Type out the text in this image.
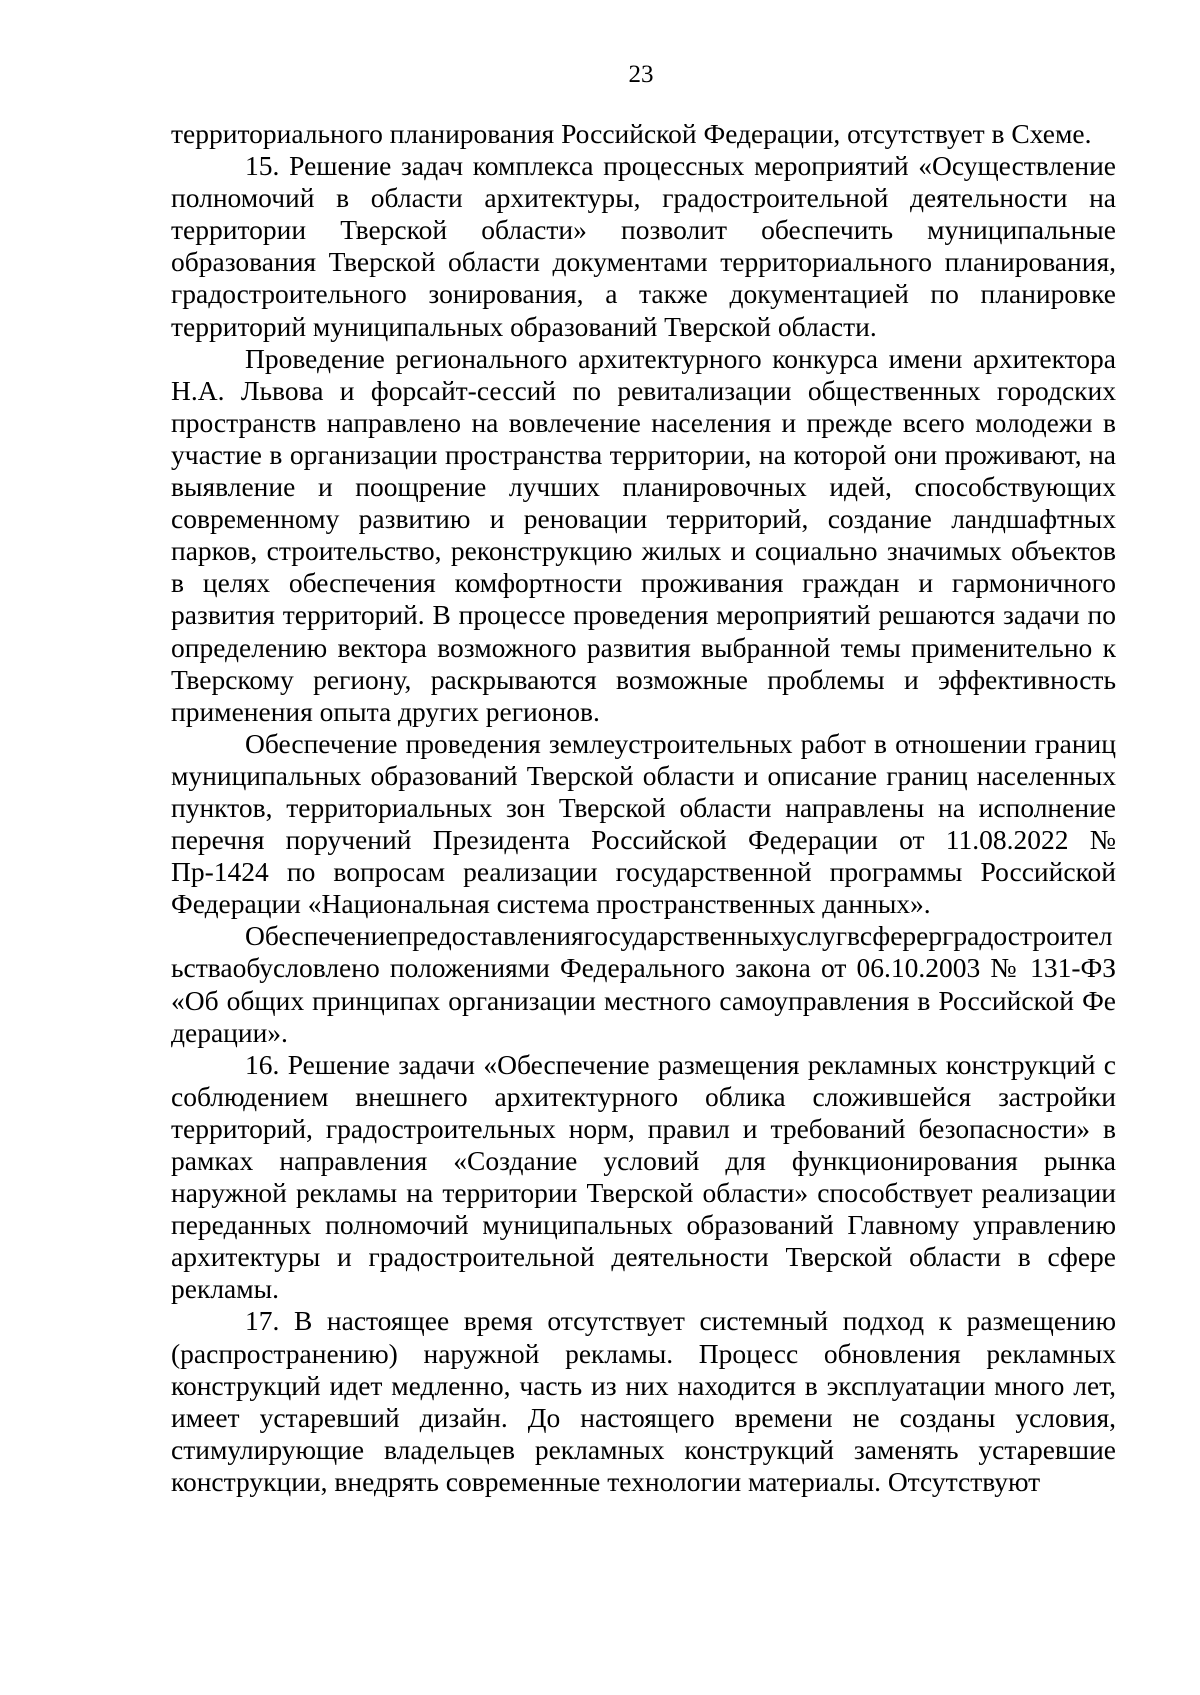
23

территориального планирования Российской Федерации, отсутствует в Схеме.

15. Решение задач комплекса процессных мероприятий «Осуществление полномочий в области архитектуры, градостроительной деятельности на территории Тверской области» позволит обеспечить муниципальные образования Тверской области документами территориального планирования, градостроительного зонирования, а также документацией по планировке территорий муниципальных образований Тверской области.

Проведение регионального архитектурного конкурса имени архитектора Н.А. Львова и форсайт-сессий по ревитализации общественных городских пространств направлено на вовлечение населения и прежде всего молодежи в участие в организации пространства территории, на которой они проживают, на выявление и поощрение лучших планировочных идей, способствующих современному развитию и реновации территорий, создание ландшафтных парков, строительство, реконструкцию жилых и социально значимых объектов в целях обеспечения комфортности проживания граждан и гармоничного развития территорий. В процессе проведения мероприятий решаются задачи по определению вектора возможного развития выбранной темы применительно к Тверскому региону, раскрываются возможные проблемы и эффективность применения опыта других регионов.

Обеспечение проведения землеустроительных работ в отношении границ муниципальных образований Тверской области и описание границ населенных пунктов, территориальных зон Тверской области направлены на исполнение перечня поручений Президента Российской Федерации от 11.08.2022 № Пр-1424 по вопросам реализации государственной программы Российской Федерации «Национальная система пространственных данных».

Обеспечениепредоставлениягосударственныхуслугвсферерградостроительстваобусловлено положениями Федерального закона от 06.10.2003 № 131-ФЗ «Об общих принципах организации местного самоуправления в Российской Федерации».

16. Решение задачи «Обеспечение размещения рекламных конструкций с соблюдением внешнего архитектурного облика сложившейся застройки территорий, градостроительных норм, правил и требований безопасности» в рамках направления «Создание условий для функционирования рынка наружной рекламы на территории Тверской области» способствует реализации переданных полномочий муниципальных образований Главному управлению архитектуры и градостроительной деятельности Тверской области в сфере рекламы.

17. В настоящее время отсутствует системный подход к размещению (распространению) наружной рекламы. Процесс обновления рекламных конструкций идет медленно, часть из них находится в эксплуатации много лет, имеет устаревший дизайн. До настоящего времени не созданы условия, стимулирующие владельцев рекламных конструкций заменять устаревшие конструкции, внедрять современные технологии материалы. Отсутствуют
